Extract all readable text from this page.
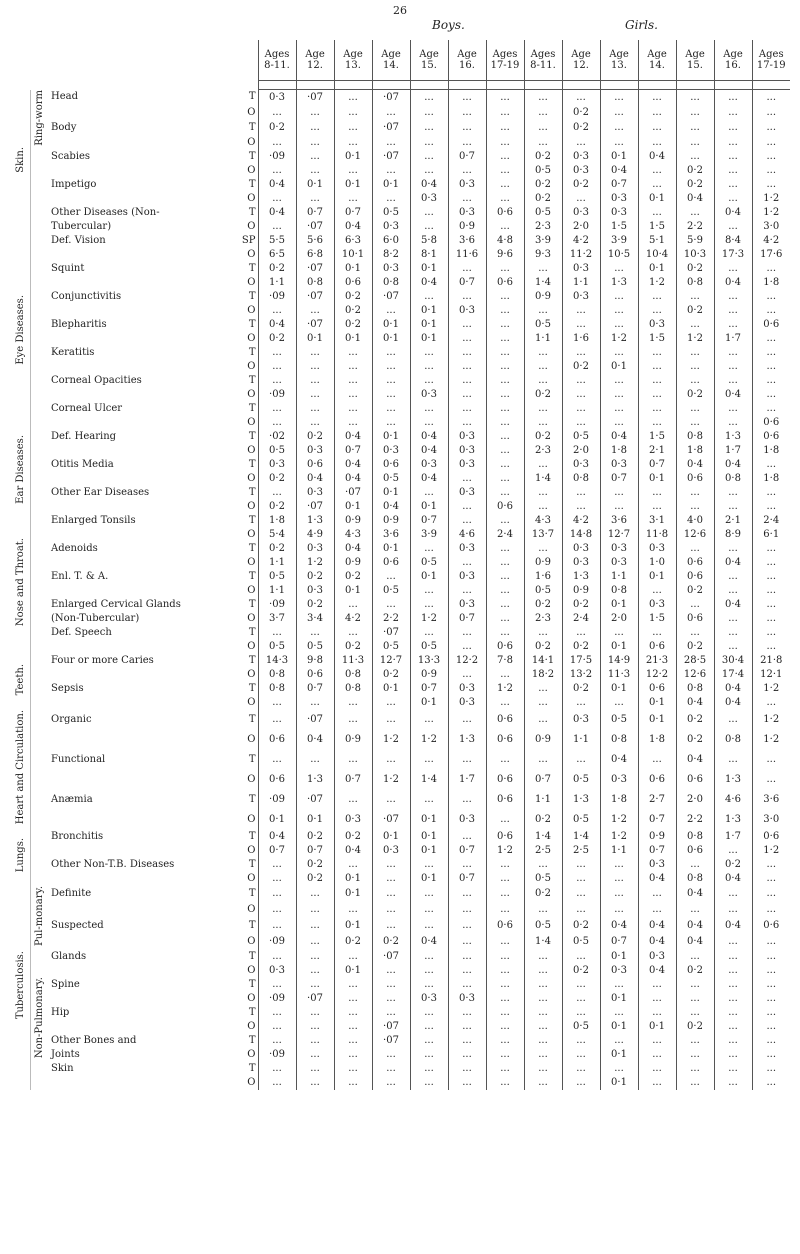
26
Boys.	Girls.
				Ages 8-11.	Age 12.	Age 13.	Age 14.	Age 15.	Age 16.	Ages 17-19	Ages 8-11.	Age 12.	Age 13.	Age 14.	Age 15.	Age 16.	Ages 17-19

Skin.	Ring-worm	Head	T	0·3	·07	...	·07	...	...	...	...	...	...	...	...	...	...
			O	...	...	...	...	...	...	...	...	0·2	...	...	...	...	...
		Body	T	0·2	...	...	·07	...	...	...	...	0·2	...	...	...	...	...
			O	...	...	...	...	...	...	...	...	...	...	...	...	...	...
		Scabies	T	·09	...	0·1	·07	...	0·7	...	0·2	0·3	0·1	0·4	...	...	...
			O	...	...	...	...	...	...	...	0·5	0·3	0·4	...	0·2	...	...
		Impetigo	T	0·4	0·1	0·1	0·1	0·4	0·3	...	0·2	0·2	0·7	...	0·2	...	...
			O	...	...	...	...	0·3	...	...	0·2	...	0·3	0·1	0·4	...	1·2
		Other Diseases (Non-	T	0·4	0·7	0·7	0·5	...	0·3	0·6	0·5	0·3	0·3	...	...	0·4	1·2
		Tubercular)	O	...	·07	0·4	0·3	...	0·9	...	2·3	2·0	1·5	1·5	2·2	...	3·0
Eye Diseases.		Def. Vision	SP	5·5	5·6	6·3	6·0	5·8	3·6	4·8	3·9	4·2	3·9	5·1	5·9	8·4	4·2
			O	6·5	6·8	10·1	8·2	8·1	11·6	9·6	9·3	11·2	10·5	10·4	10·3	17·3	17·6
		Squint	T	0·2	·07	0·1	0·3	0·1	...	...	...	0·3	...	0·1	0·2	...	...
			O	1·1	0·8	0·6	0·8	0·4	0·7	0·6	1·4	1·1	1·3	1·2	0·8	0·4	1·8
		Conjunctivitis	T	·09	·07	0·2	·07	...	...	...	0·9	0·3	...	...	...	...	...
			O	...	...	0·2	...	0·1	0·3	...	...	...	...	...	0·2	...	...
		Blepharitis	T	0·4	·07	0·2	0·1	0·1	...	...	0·5	...	...	0·3	...	...	0·6
			O	0·2	0·1	0·1	0·1	0·1	...	...	1·1	1·6	1·2	1·5	1·2	1·7	...
		Keratitis	T	...	...	...	...	...	...	...	...	...	...	...	...	...	...
			O	...	...	...	...	...	...	...	...	0·2	0·1	...	...	...	...
		Corneal Opacities	T	...	...	...	...	...	...	...	...	...	...	...	...	...	...
			O	·09	...	...	...	0·3	...	...	0·2	...	...	...	0·2	0·4	...
		Corneal Ulcer	T	...	...	...	...	...	...	...	...	...	...	...	...	...	...
			O	...	...	...	...	...	...	...	...	...	...	...	...	...	0·6
Ear Diseases.		Def. Hearing	T	·02	0·2	0·4	0·1	0·4	0·3	...	0·2	0·5	0·4	1·5	0·8	1·3	0·6
			O	0·5	0·3	0·7	0·3	0·4	0·3	...	2·3	2·0	1·8	2·1	1·8	1·7	1·8
		Otitis Media	T	0·3	0·6	0·4	0·6	0·3	0·3	...	...	0·3	0·3	0·7	0·4	0·4	...
			O	0·2	0·4	0·4	0·5	0·4	...	...	1·4	0·8	0·7	0·1	0·6	0·8	1·8
		Other Ear Diseases	T	...	0·3	·07	0·1	...	0·3	...	...	...	...	...	...	...	...
			O	0·2	·07	0·1	0·4	0·1	...	0·6	...	...	...	...	...	...	...
Nose and Throat.		Enlarged Tonsils	T	1·8	1·3	0·9	0·9	0·7	...	...	4·3	4·2	3·6	3·1	4·0	2·1	2·4
			O	5·4	4·9	4·3	3·6	3·9	4·6	2·4	13·7	14·8	12·7	11·8	12·6	8·9	6·1
		Adenoids	T	0·2	0·3	0·4	0·1	...	0·3	...	...	0·3	0·3	0·3	...	...	...
			O	1·1	1·2	0·9	0·6	0·5	...	...	0·9	0·3	0·3	1·0	0·6	0·4	...
		Enl. T. & A.	T	0·5	0·2	0·2	...	0·1	0·3	...	1·6	1·3	1·1	0·1	0·6	...	...
			O	1·1	0·3	0·1	0·5	...	...	...	0·5	0·9	0·8	...	0·2	...	...
		Enlarged Cervical Glands	T	·09	0·2	...	...	...	0·3	...	0·2	0·2	0·1	0·3	...	0·4	...
		(Non-Tubercular)	O	3·7	3·4	4·2	2·2	1·2	0·7	...	2·3	2·4	2·0	1·5	0·6	...	...
		Def. Speech	T	...	...	...	·07	...	...	...	...	...	...	...	...	...	...
			O	0·5	0·5	0·2	0·5	0·5	...	0·6	0·2	0·2	0·1	0·6	0·2	...	...
Teeth.		Four or more Caries	T	14·3	9·8	11·3	12·7	13·3	12·2	7·8	14·1	17·5	14·9	21·3	28·5	30·4	21·8
			O	0·8	0·6	0·8	0·2	0·9	...	...	18·2	13·2	11·3	12·2	12·6	17·4	12·1
		Sepsis	T	0·8	0·7	0·8	0·1	0·7	0·3	1·2	...	0·2	0·1	0·6	0·8	0·4	1·2
			O	...	...	...	...	0·1	0·3	...	...	...	...	0·1	0·4	0·4	...
Heart and Circulation.		Organic	T	...	·07	...	...	...	...	0·6	...	0·3	0·5	0·1	0·2	...	1·2
			O	0·6	0·4	0·9	1·2	1·2	1·3	0·6	0·9	1·1	0·8	1·8	0·2	0·8	1·2
		Functional	T	...	...	...	...	...	...	...	...	...	0·4	...	0·4	...	...
			O	0·6	1·3	0·7	1·2	1·4	1·7	0·6	0·7	0·5	0·3	0·6	0·6	1·3	...
		Anæmia	T	·09	·07	...	...	...	...	0·6	1·1	1·3	1·8	2·7	2·0	4·6	3·6
			O	0·1	0·1	0·3	·07	0·1	0·3	...	0·2	0·5	1·2	0·7	2·2	1·3	3·0
Lungs.		Bronchitis	T	0·4	0·2	0·2	0·1	0·1	...	0·6	1·4	1·4	1·2	0·9	0·8	1·7	0·6
			O	0·7	0·7	0·4	0·3	0·1	0·7	1·2	2·5	2·5	1·1	0·7	0·6	...	1·2
		Other Non-T.B. Diseases	T	...	0·2	...	...	...	...	...	...	...	...	0·3	...	0·2	...
			O	...	0·2	0·1	...	0·1	0·7	...	0·5	...	...	0·4	0·8	0·4	...
Tuberculosis.	Pul-monary.	Definite	T	...	...	0·1	...	...	...	...	0·2	...	...	...	0·4	...	...
			O	...	...	...	...	...	...	...	...	...	...	...	...	...	...
		Suspected	T	...	...	0·1	...	...	...	0·6	0·5	0·2	0·4	0·4	0·4	0·4	0·6
			O	·09	...	0·2	0·2	0·4	...	...	1·4	0·5	0·7	0·4	0·4	...	...
	Non-Pulmonary.	Glands	T	...	...	...	·07	...	...	...	...	...	0·1	0·3	...	...	...
			O	0·3	...	0·1	...	...	...	...	...	0·2	0·3	0·4	0·2	...	...
		Spine	T	...	...	...	...	...	...	...	...	...	...	...	...	...	...
			O	·09	·07	...	...	0·3	0·3	...	...	...	0·1	...	...	...	...
		Hip	T	...	...	...	...	...	...	...	...	...	...	...	...	...	...
			O	...	...	...	·07	...	...	...	...	0·5	0·1	0·1	0·2	...	...
		Other Bones and	T	...	...	...	·07	...	...	...	...	...	...	...	...	...	...
		Joints	O	·09	...	...	...	...	...	...	...	...	0·1	...	...	...	...
		Skin	T	...	...	...	...	...	...	...	...	...	...	...	...	...	...
			O	...	...	...	...	...	...	...	...	...	0·1	...	...	...	...
